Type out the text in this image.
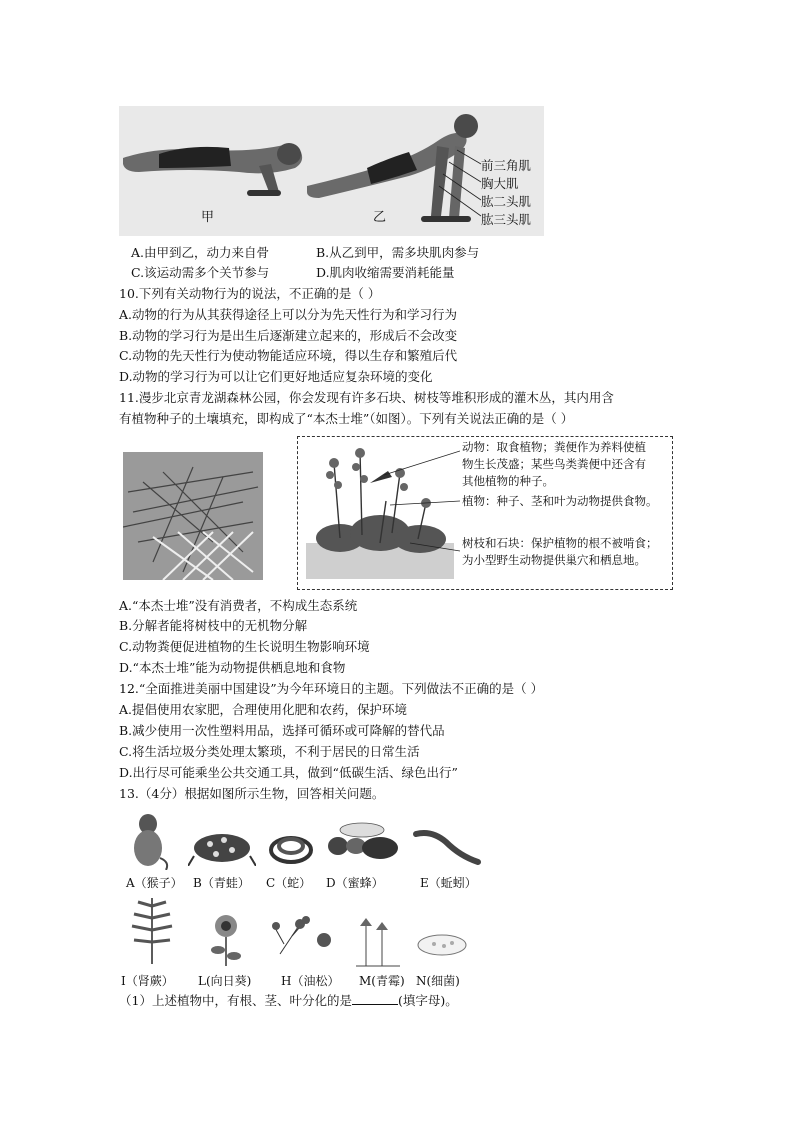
甲	乙
前三角肌
胸大肌
肱二头肌
肱三头肌
A.由甲到乙，动力来自骨	B.从乙到甲，需多块肌肉参与
C.该运动需多个关节参与	D.肌肉收缩需要消耗能量
10.下列有关动物行为的说法，不正确的是（ ）
A.动物的行为从其获得途径上可以分为先天性行为和学习行为
B.动物的学习行为是出生后逐渐建立起来的，形成后不会改变
C.动物的先天性行为使动物能适应环境，得以生存和繁殖后代
D.动物的学习行为可以让它们更好地适应复杂环境的变化
11.漫步北京青龙湖森林公园，你会发现有许多石块、树枝等堆积形成的灌木丛，其内用含
有植物种子的土壤填充，即构成了“本杰士堆”（如图）。下列有关说法正确的是（ ）
动物：取食植物；粪便作为养料使植
物生长茂盛；某些鸟类粪便中还含有
其他植物的种子。
植物：种子、茎和叶为动物提供食物。
树枝和石块：保护植物的根不被啃食；
为小型野生动物提供巢穴和栖息地。
A.“本杰士堆”没有消费者，不构成生态系统
B.分解者能将树枝中的无机物分解
C.动物粪便促进植物的生长说明生物影响环境
D.“本杰士堆”能为动物提供栖息地和食物
12.“全面推进美丽中国建设”为今年环境日的主题。下列做法不正确的是（ ）
A.提倡使用农家肥，合理使用化肥和农药，保护环境
B.减少使用一次性塑料用品，选择可循环或可降解的替代品
C.将生活垃圾分类处理太繁琐，不利于居民的日常生活
D.出行尽可能乘坐公共交通工具，做到“低碳生活、绿色出行”
13.（4分）根据如图所示生物，回答相关问题。
A（猴子） B（青蛙） C（蛇） D（蜜蜂）	E（蚯蚓）
I（肾蕨） L(向日葵) H（油松） M(青霉) N(细菌)
（1）上述植物中，有根、茎、叶分化的是	(填字母)。
